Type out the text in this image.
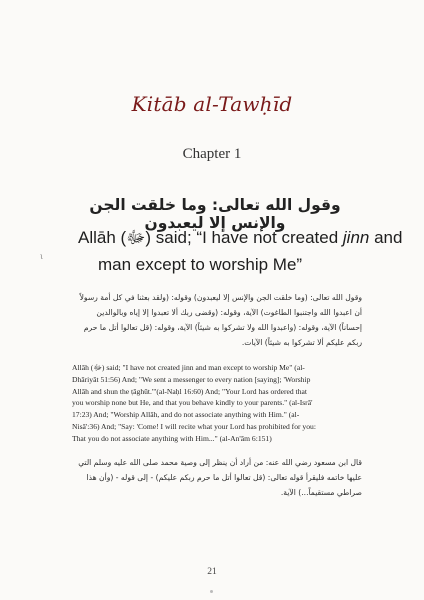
Kitāb al-Tawḥīd
Chapter 1
وقول الله تعالى: وما خلقت الجن والإنس إلا ليعبدون
Allāh (ﷻ) said; “I have not created jinn and
man except to worship Me”
ι
وقول الله تعالى: (وما خلقت الجن والإنس إلا ليعبدون) وقوله: (ولقد بعثنا في كل أمة رسولاً
أن اعبدوا الله واجتنبوا الطاغوت) الآية، وقوله: (وقضى ربك ألا تعبدوا إلا إياه وبالوالدين
إحساناً) الآية، وقوله: (واعبدوا الله ولا تشركوا به شيئاً) الآية، وقوله: (قل تعالوا أتل ما حرم
ربكم عليكم ألا تشركوا به شيئاً) الآيات.
Allāh (ﷻ) said; "I have not created jinn and man except to worship Me" (al-
Dhāriyāt 51:56) And; "We sent a messenger to every nation [saying]; 'Worship
Allāh and shun the ṭāghūt.'"(al-Naḥl 16:60) And; "Your Lord has ordered that
you worship none but He, and that you behave kindly to your parents." (al-Isrā'
17:23) And; "Worship Allāh, and do not associate anything with Him." (al-
Nisā':36) And; "Say: 'Come! I will recite what your Lord has prohibited for you:
That you do not associate anything with Him..." (al-An'ām 6:151)
قال ابن مسعود رضي الله عنه: من أراد أن ينظر إلى وصية محمد صلى الله عليه وسلم التي
عليها خاتمه فليقرأ قوله تعالى: (قل تعالوا أتل ما حرم ربكم عليكم) - إلى قوله - (وأن هذا
صراطي مستقيماً...) الآية.
21
